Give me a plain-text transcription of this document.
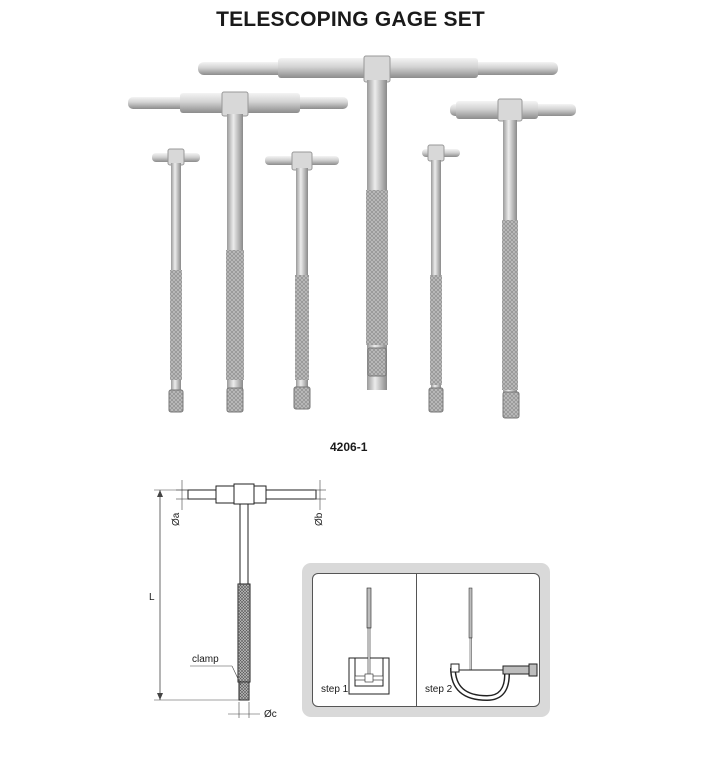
TELESCOPING GAGE SET
4206-1
L
Øa	Øb
clamp
Øc
step 1	step 2
